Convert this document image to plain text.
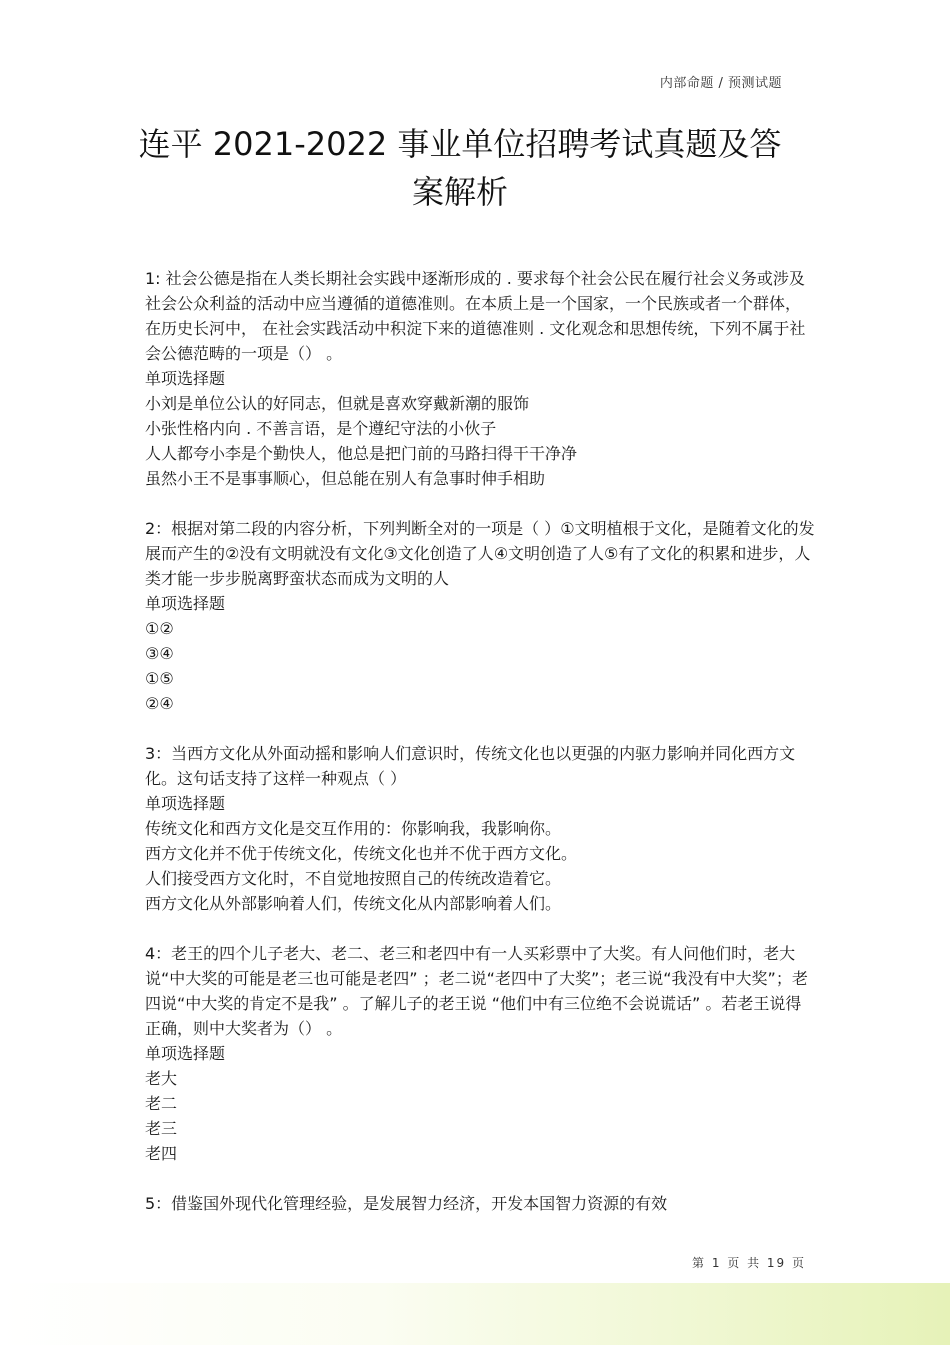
内部命题 / 预测试题
连平 2021-2022 事业单位招聘考试真题及答
案解析

1: 社会公德是指在人类长期社会实践中逐渐形成的 . 要求每个社会公民在履行社会义务或涉及社会公众利益的活动中应当遵循的道德准则。在本质上是一个国家，一个民族或者一个群体， 在历史长河中， 在社会实践活动中积淀下来的道德准则 . 文化观念和思想传统，下列不属于社会公德范畴的一项是（） 。

单项选择题

小刘是单位公认的好同志，但就是喜欢穿戴新潮的服饰

小张性格内向 . 不善言语，是个遵纪守法的小伙子

人人都夸小李是个勤快人，他总是把门前的马路扫得干干净净

虽然小王不是事事顺心，但总能在别人有急事时伸手相助

2：根据对第二段的内容分析，下列判断全对的一项是（ ）①文明植根于文化，是随着文化的发展而产生的②没有文明就没有文化③文化创造了人④文明创造了人⑤有了文化的积累和进步，人类才能一步步脱离野蛮状态而成为文明的人

单项选择题

①②

③④

①⑤

②④

3：当西方文化从外面动摇和影响人们意识时，传统文化也以更强的内驱力影响并同化西方文化。这句话支持了这样一种观点（ ）

单项选择题

传统文化和西方文化是交互作用的：你影响我，我影响你。

西方文化并不优于传统文化，传统文化也并不优于西方文化。

人们接受西方文化时，不自觉地按照自己的传统改造着它。

西方文化从外部影响着人们，传统文化从内部影响着人们。

4：老王的四个儿子老大、老二、老三和老四中有一人买彩票中了大奖。有人问他们时，老大说“中大奖的可能是老三也可能是老四” ；老二说“老四中了大奖”；老三说“我没有中大奖”；老四说“中大奖的肯定不是我” 。了解儿子的老王说 “他们中有三位绝不会说谎话” 。若老王说得正确，则中大奖者为（） 。

单项选择题

老大

老二

老三

老四

5：借鉴国外现代化管理经验，是发展智力经济，开发本国智力资源的有效

第 1 页 共 19 页
